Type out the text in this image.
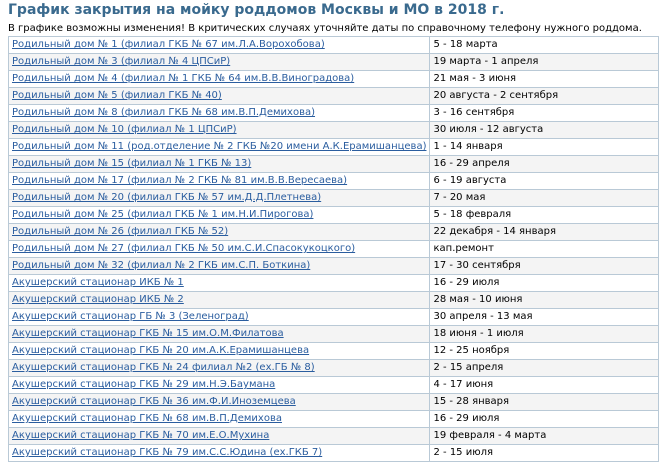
График закрытия на мойку роддомов Москвы и МО в 2018 г.
В графике возможны изменения! В критических случаях уточняйте даты по справочному телефону нужного роддома.
Родильный дом № 1 (филиал ГКБ № 67 им.Л.А.Ворохобова)	5 - 18 марта
Родильный дом № 3 (филиал № 4 ЦПСиР)	19 марта - 1 апреля
Родильный дом № 4 (филиал № 1 ГКБ № 64 им.В.В.Виноградова)	21 мая - 3 июня
Родильный дом № 5 (филиал ГКБ № 40)	20 августа - 2 сентября
Родильный дом № 8 (филиал ГКБ № 68 им.В.П.Демихова)	3 - 16 сентября
Родильный дом № 10 (филиал № 1 ЦПСиР)	30 июля - 12 августа
Родильный дом № 11 (род.отделение № 2 ГКБ №20 имени А.К.Ерамишанцева)	1 - 14 января
Родильный дом № 15 (филиал № 1 ГКБ № 13)	16 - 29 апреля
Родильный дом № 17 (филиал № 2 ГКБ № 81 им.В.В.Вересаева)	6 - 19 августа
Родильный дом № 20 (филиал ГКБ № 57 им.Д.Д.Плетнева)	7 - 20 мая
Родильный дом № 25 (филиал ГКБ № 1 им.Н.И.Пирогова)	5 - 18 февраля
Родильный дом № 26 (филиал ГКБ № 52)	22 декабря - 14 января
Родильный дом № 27 (филиал ГКБ № 50 им.С.И.Спасокукоцкого)	кап.ремонт
Родильный дом № 32 (филиал № 2 ГКБ им.С.П. Боткина)	17 - 30 сентября
Акушерский стационар ИКБ № 1	16 - 29 июля
Акушерский стационар ИКБ № 2	28 мая - 10 июня
Акушерский стационар ГБ № 3 (Зеленоград)	30 апреля - 13 мая
Акушерский стационар ГКБ № 15 им.О.М.Филатова	18 июня - 1 июля
Акушерский стационар ГКБ № 20 им.А.К.Ерамишанцева	12 - 25 ноября
Акушерский стационар ГКБ № 24 филиал №2 (ех.ГБ № 8)	2 - 15 апреля
Акушерский стационар ГКБ № 29 им.Н.Э.Баумана	4 - 17 июня
Акушерский стационар ГКБ № 36 им.Ф.И.Иноземцева	15 - 28 января
Акушерский стационар ГКБ № 68 им.В.П.Демихова	16 - 29 июля
Акушерский стационар ГКБ № 70 им.Е.О.Мухина	19 февраля - 4 марта
Акушерский стационар ГКБ № 79 им.С.С.Юдина (ех.ГКБ 7)	2 - 15 июля
